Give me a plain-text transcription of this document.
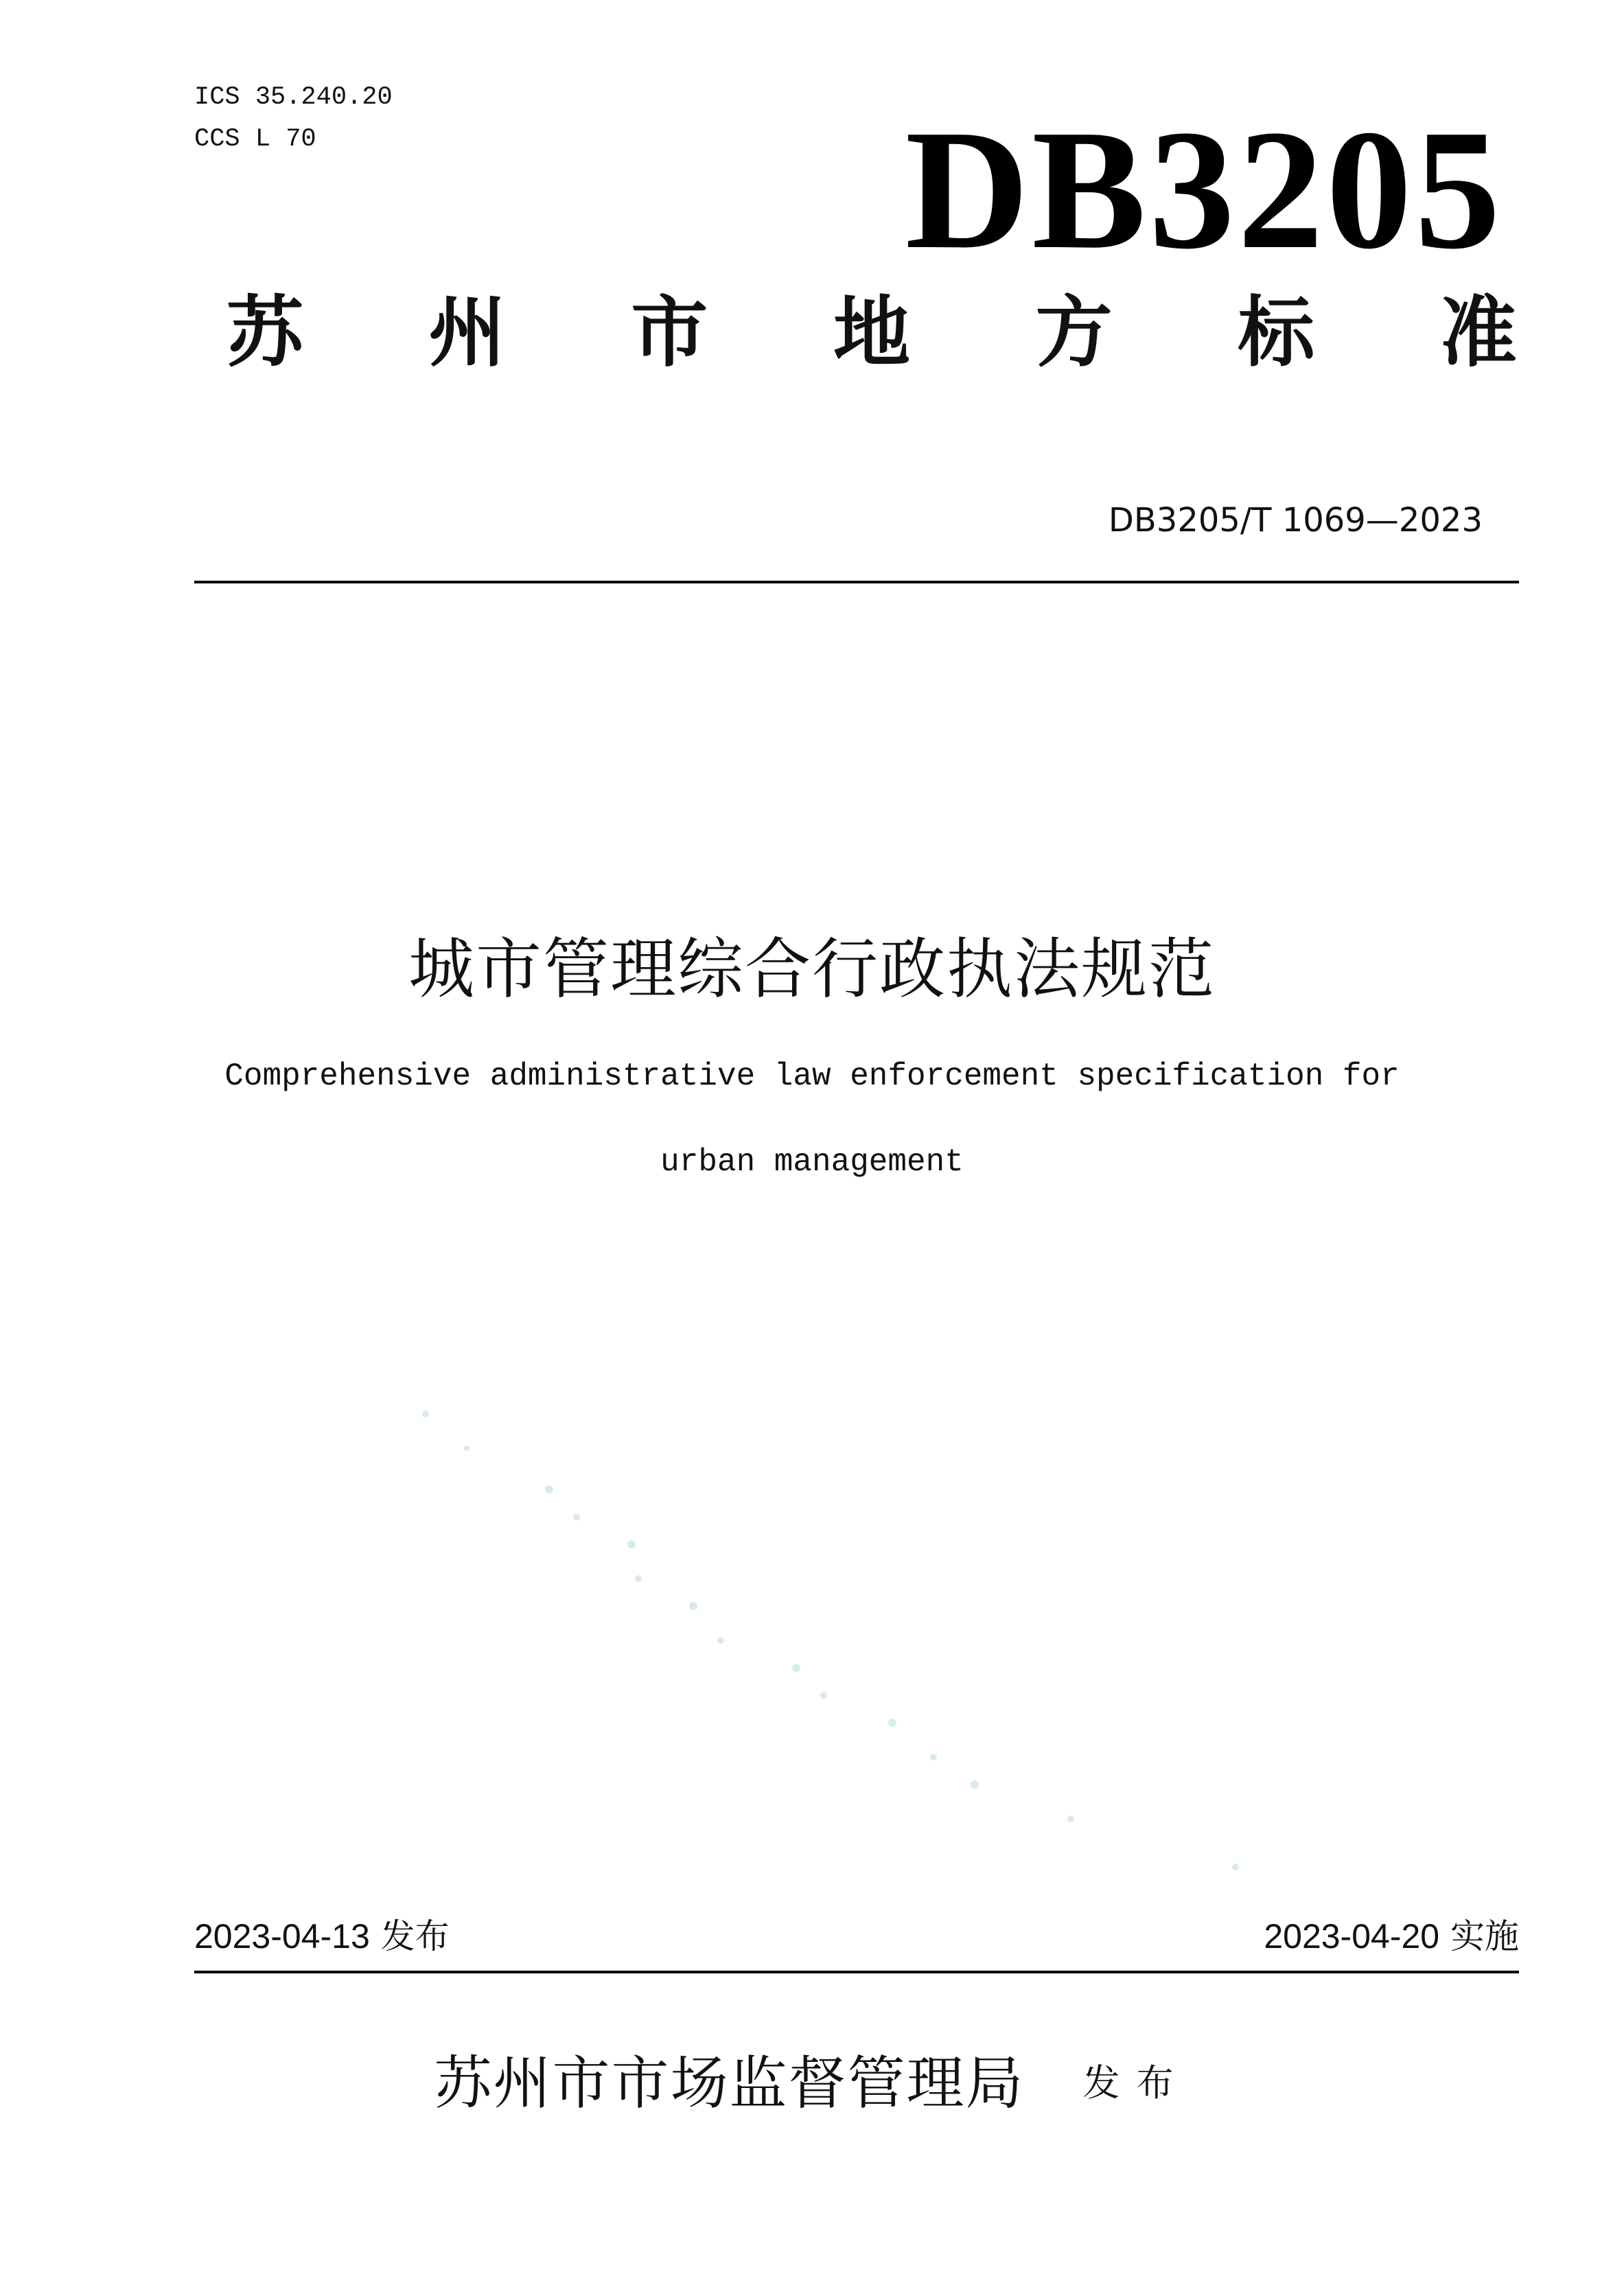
ICS 35.240.20
CCS L 70	DB3205
苏 州 市 地 方 标 准
DB3205/T 1069—2023
城市管理综合行政执法规范
Comprehensive administrative law enforcement specification for
urban management
2023-04-13 发布	2023-04-20 实施
苏州市市场监督管理局 发布
